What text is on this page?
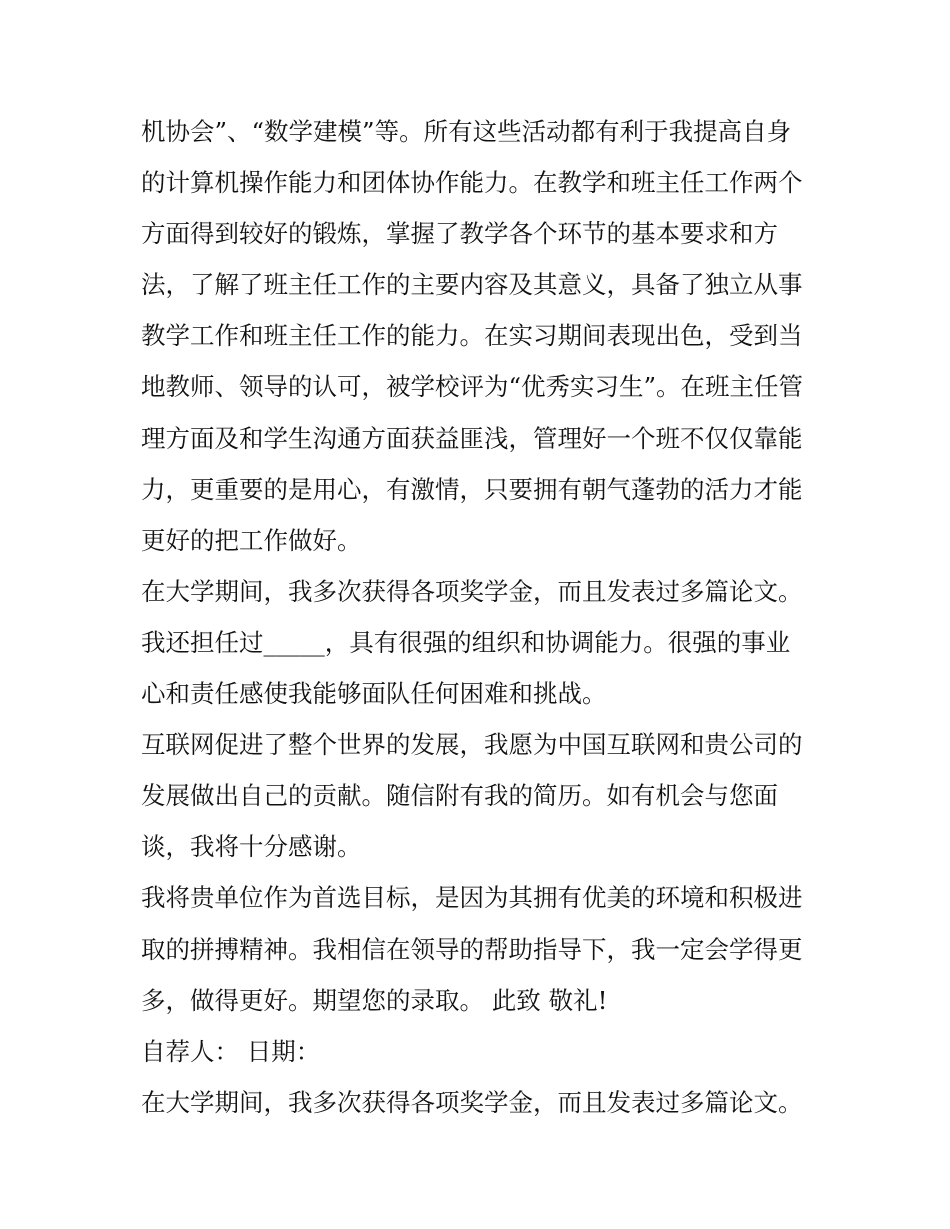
机协会”、“数学建模”等。所有这些活动都有利于我提高自身
的计算机操作能力和团体协作能力。在教学和班主任工作两个
方面得到较好的锻炼，掌握了教学各个环节的基本要求和方
法，了解了班主任工作的主要内容及其意义，具备了独立从事
教学工作和班主任工作的能力。在实习期间表现出色，受到当
地教师、领导的认可，被学校评为“优秀实习生”。在班主任管
理方面及和学生沟通方面获益匪浅，管理好一个班不仅仅靠能
力，更重要的是用心，有激情，只要拥有朝气蓬勃的活力才能
更好的把工作做好。
在大学期间，我多次获得各项奖学金，而且发表过多篇论文。
我还担任过_____，具有很强的组织和协调能力。很强的事业
心和责任感使我能够面队任何困难和挑战。
互联网促进了整个世界的发展，我愿为中国互联网和贵公司的
发展做出自己的贡献。随信附有我的简历。如有机会与您面
谈，我将十分感谢。
我将贵单位作为首选目标，是因为其拥有优美的环境和积极进
取的拼搏精神。我相信在领导的帮助指导下，我一定会学得更
多，做得更好。期望您的录取。 此致 敬礼!
自荐人： 日期：
在大学期间，我多次获得各项奖学金，而且发表过多篇论文。
